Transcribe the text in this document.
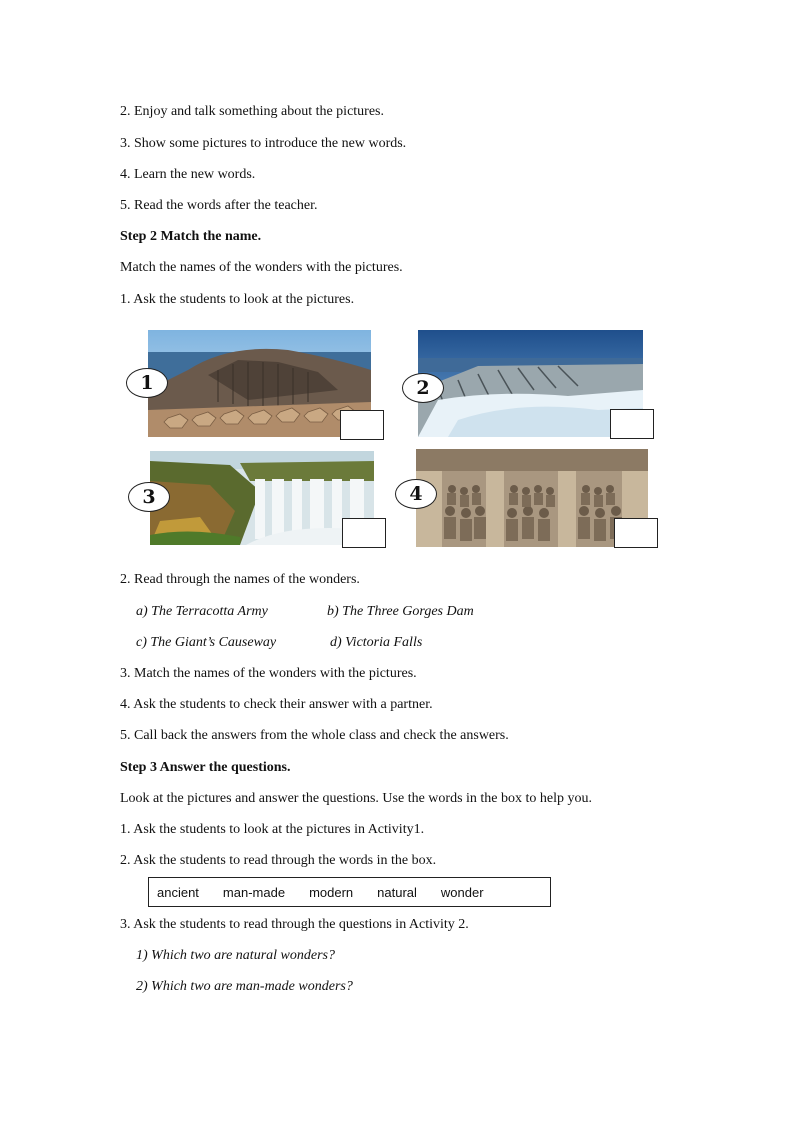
2. Enjoy and talk something about the pictures.
3. Show some pictures to introduce the new words.
4. Learn the new words.
5. Read the words after the teacher.
Step 2 Match the name.
Match the names of the wonders with the pictures.
1. Ask the students to look at the pictures.
1	2
3	4
2. Read through the names of the wonders.
a) The Terracotta Army	b) The Three Gorges Dam
c) The Giant’s Causeway	d) Victoria Falls
3. Match the names of the wonders with the pictures.
4. Ask the students to check their answer with a partner.
5. Call back the answers from the whole class and check the answers.
Step 3 Answer the questions.
Look at the pictures and answer the questions. Use the words in the box to help you.
1. Ask the students to look at the pictures in Activity1.
2. Ask the students to read through the words in the box.
ancient man-made modern natural wonder
3. Ask the students to read through the questions in Activity 2.
1) Which two are natural wonders?
2) Which two are man-made wonders?
